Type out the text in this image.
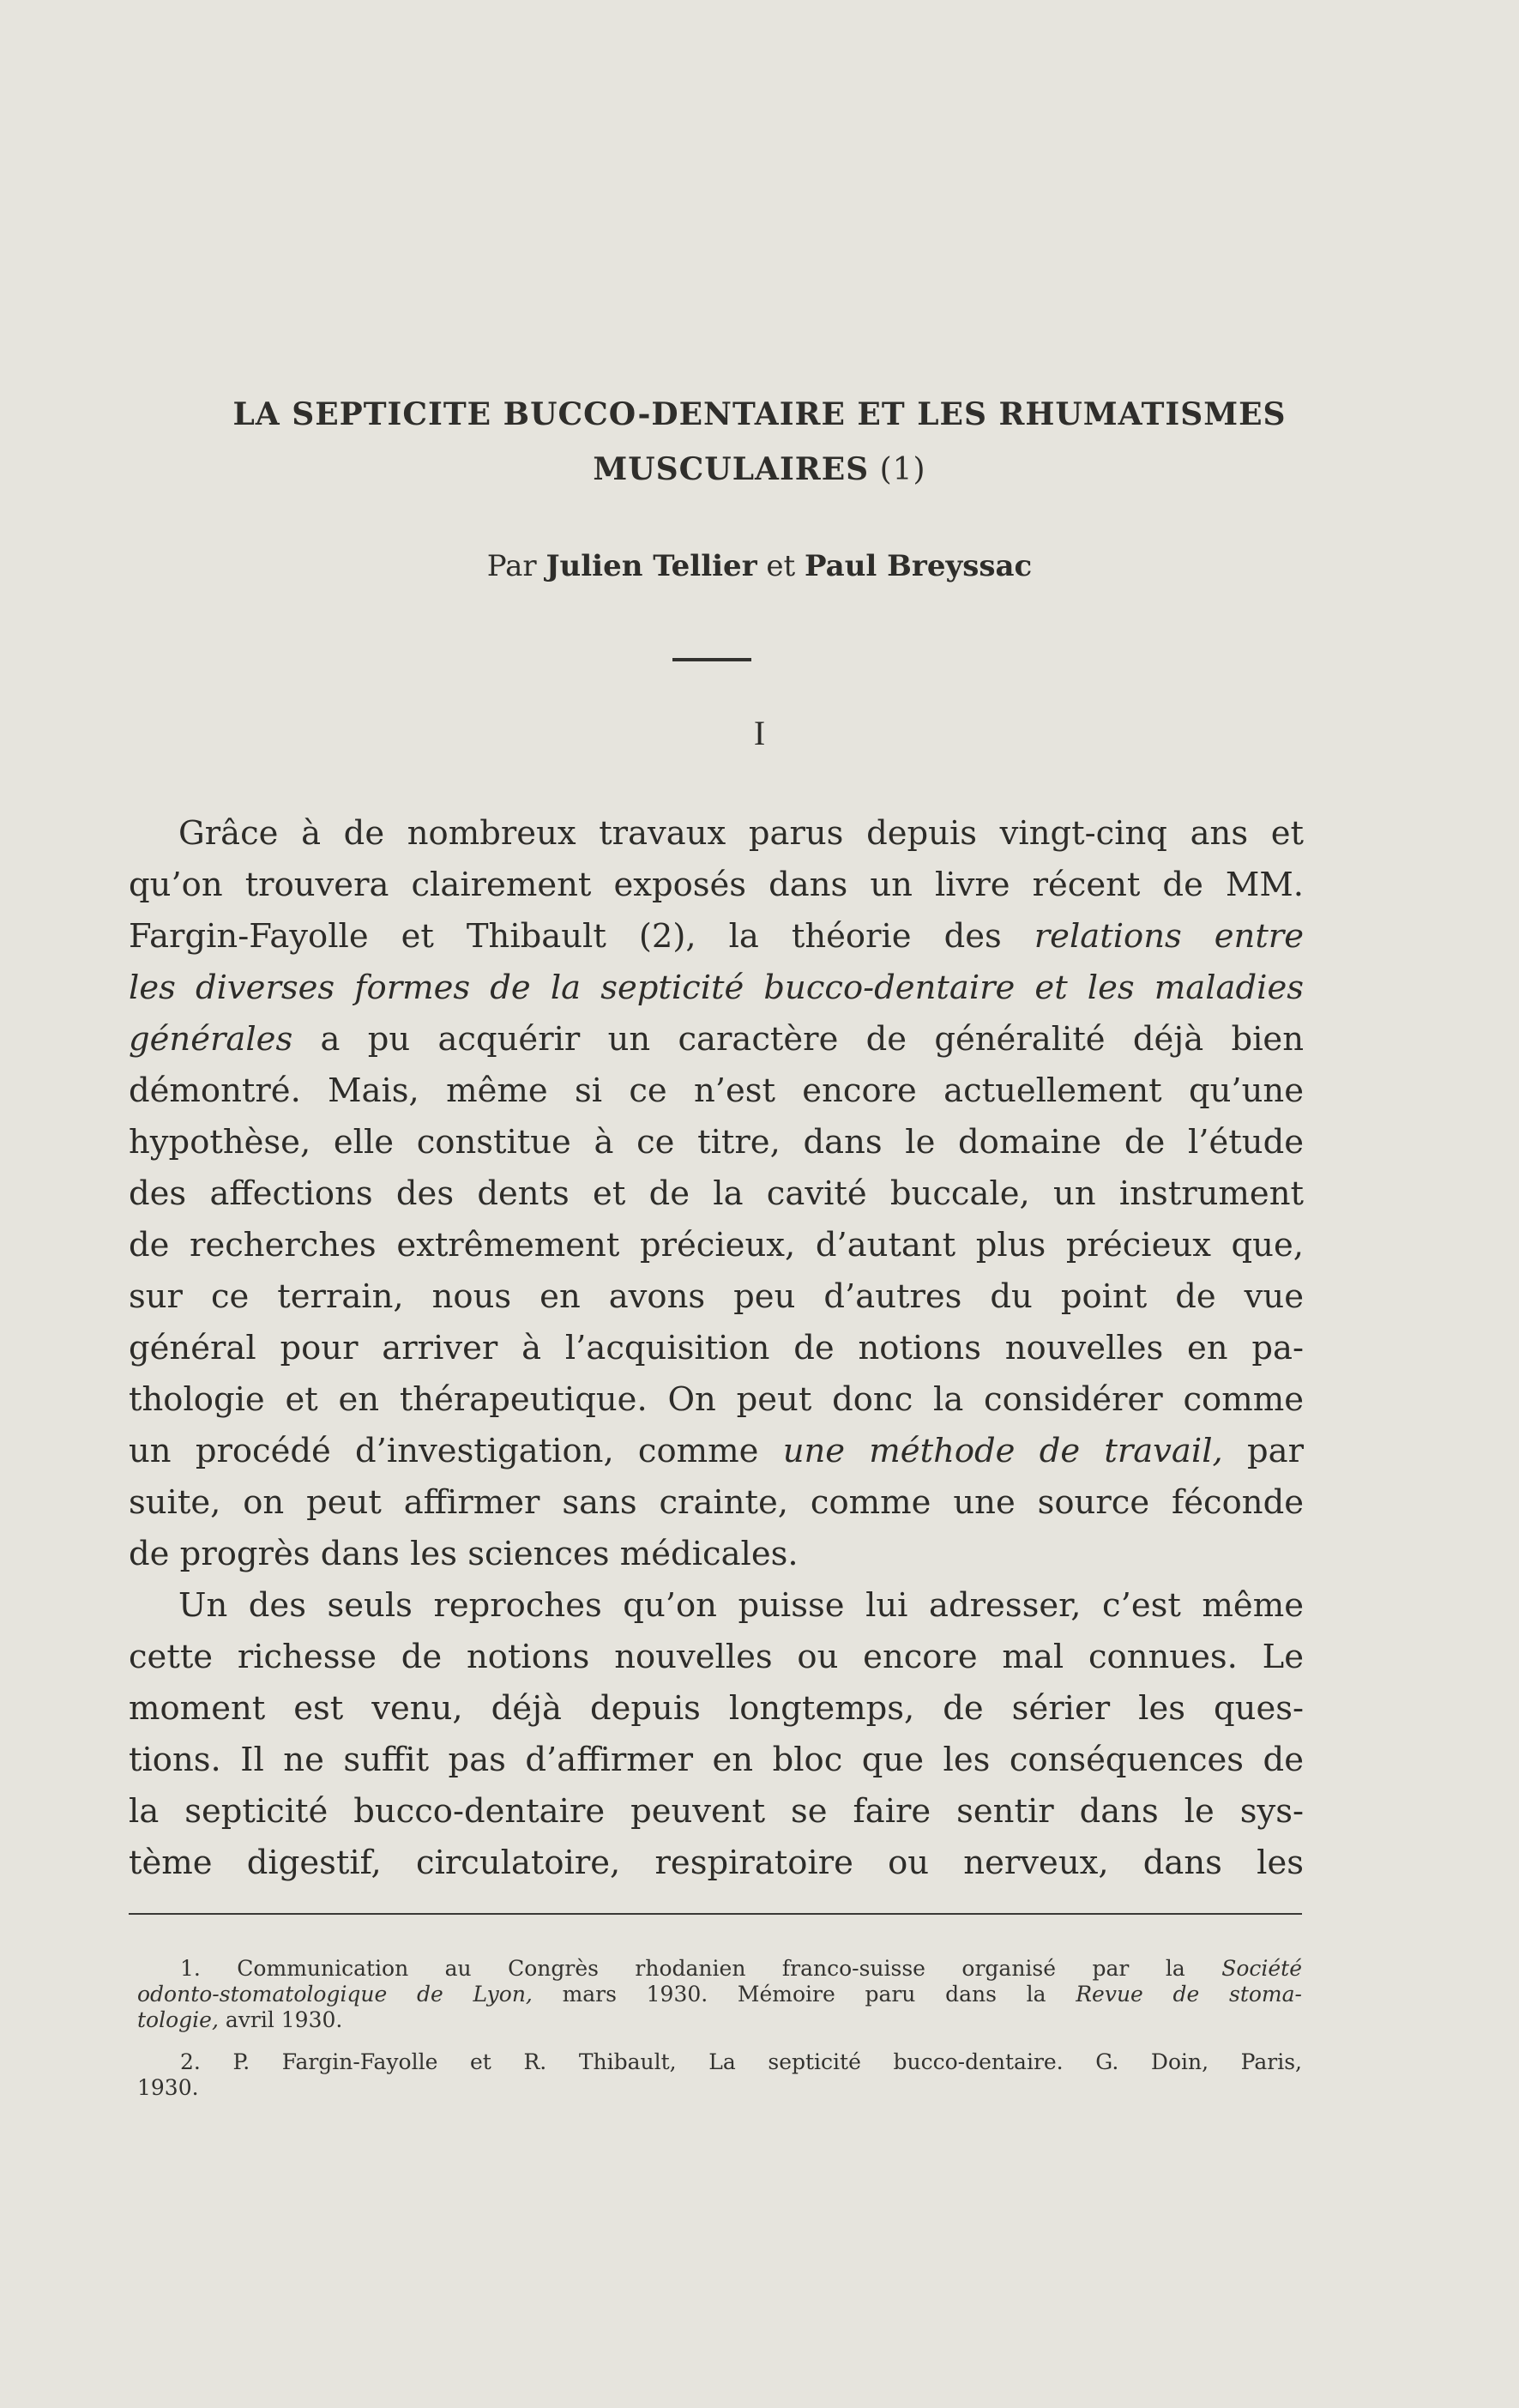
LA SEPTICITE BUCCO-DENTAIRE ET LES RHUMATISMES
MUSCULAIRES (1)
Par Julien Tellier et Paul Breyssac
I
Grâce à de nombreux travaux parus depuis vingt-cinq ans et
qu’on trouvera clairement exposés dans un livre récent de MM.
Fargin-Fayolle et Thibault (2), la théorie des relations entre
les diverses formes de la septicité bucco-dentaire et les maladies
générales a pu acquérir un caractère de généralité déjà bien
démontré. Mais, même si ce n’est encore actuellement qu’une
hypothèse, elle constitue à ce titre, dans le domaine de l’étude
des affections des dents et de la cavité buccale, un instrument
de recherches extrêmement précieux, d’autant plus précieux que,
sur ce terrain, nous en avons peu d’autres du point de vue
général pour arriver à l’acquisition de notions nouvelles en pa-
thologie et en thérapeutique. On peut donc la considérer comme
un procédé d’investigation, comme une méthode de travail, par
suite, on peut affirmer sans crainte, comme une source féconde
de progrès dans les sciences médicales.
Un des seuls reproches qu’on puisse lui adresser, c’est même
cette richesse de notions nouvelles ou encore mal connues. Le
moment est venu, déjà depuis longtemps, de sérier les ques-
tions. Il ne suffit pas d’affirmer en bloc que les conséquences de
la septicité bucco-dentaire peuvent se faire sentir dans le sys-
tème digestif, circulatoire, respiratoire ou nerveux, dans les
1. Communication au Congrès rhodanien franco-suisse organisé par la Société
odonto-stomatologique de Lyon, mars 1930. Mémoire paru dans la Revue de stoma-
tologie, avril 1930.
2. P. Fargin-Fayolle et R. Thibault, La septicité bucco-dentaire. G. Doin, Paris,
1930.
